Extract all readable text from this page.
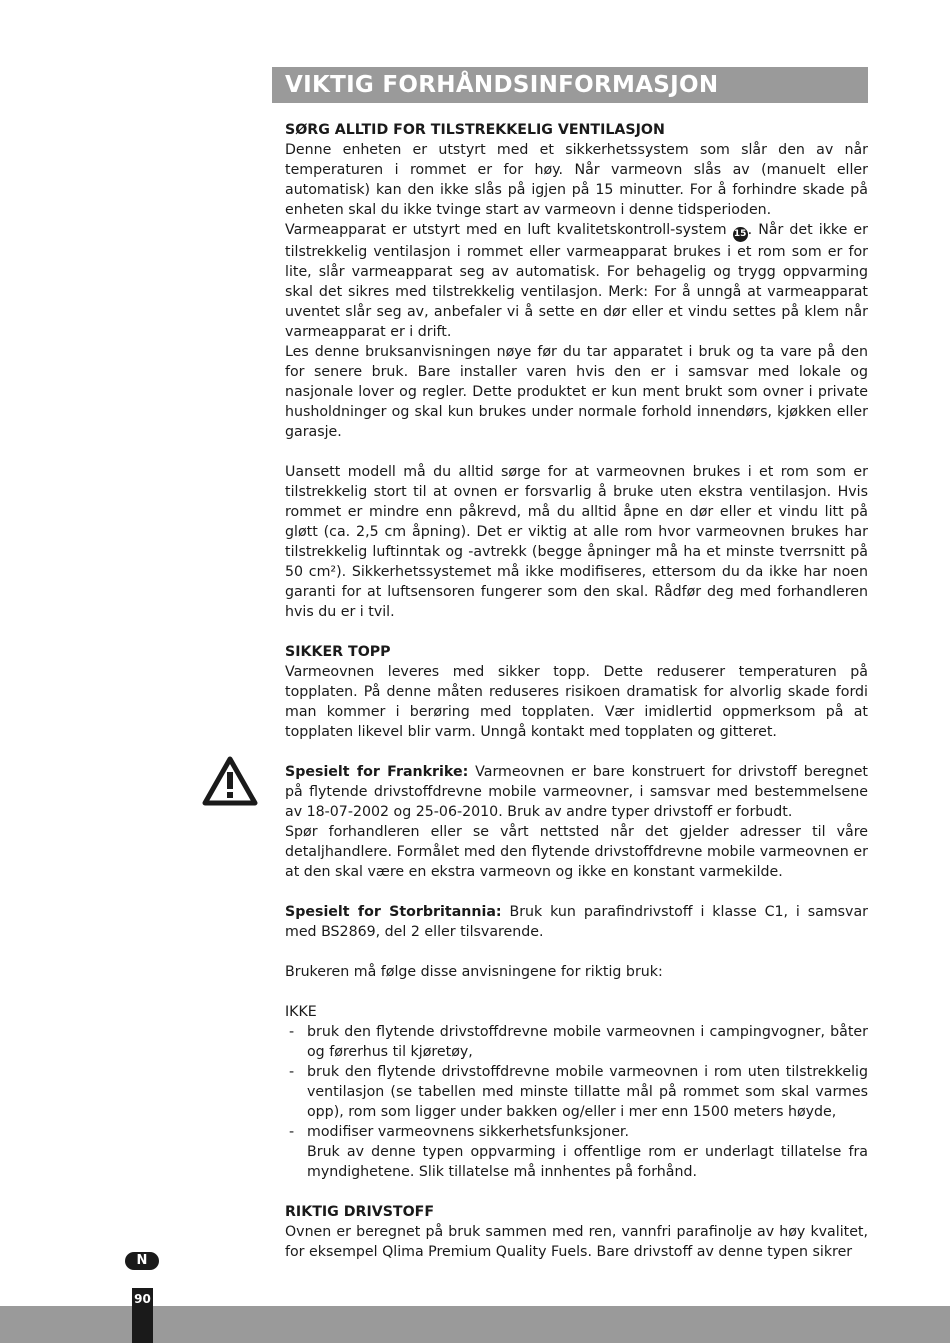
VIKTIG FORHÅNDSINFORMASJON

SØRG ALLTID FOR TILSTREKKELIG VENTILASJON

Denne enheten er utstyrt med et sikkerhetssystem som slår den av når temperaturen i rommet er for høy. Når varmeovn slås av (manuelt eller automatisk) kan den ikke slås på igjen på 15 minutter. For å forhindre skade på enheten skal du ikke tvinge start av varmeovn i denne tidsperioden.

Varmeapparat er utstyrt med en luft kvalitetskontroll-system 15. Når det ikke er tilstrekkelig ventilasjon i rommet eller varmeapparat brukes i et rom som er for lite, slår varmeapparat seg av automatisk. For behagelig og trygg oppvarming skal det sikres med tilstrekkelig ventilasjon. Merk: For å unngå at varmeapparat uventet slår seg av, anbefaler vi å sette en dør eller et vindu settes på klem når varmeapparat er i drift.

Les denne bruksanvisningen nøye før du tar apparatet i bruk og ta vare på den for senere bruk. Bare installer varen hvis den er i samsvar med lokale og nasjonale lover og regler. Dette produktet er kun ment brukt som ovner i private husholdninger og skal kun brukes under normale forhold innendørs, kjøkken eller garasje.

Uansett modell må du alltid sørge for at varmeovnen brukes i et rom som er tilstrekkelig stort til at ovnen er forsvarlig å bruke uten ekstra ventilasjon. Hvis rommet er mindre enn påkrevd, må du alltid åpne en dør eller et vindu litt på gløtt (ca. 2,5 cm åpning). Det er viktig at alle rom hvor varmeovnen brukes har tilstrekkelig luftinntak og -avtrekk (begge åpninger må ha et minste tverrsnitt på 50 cm²). Sikkerhetssystemet må ikke modifiseres, ettersom du da ikke har noen garanti for at luftsensoren fungerer som den skal. Rådfør deg med forhandleren hvis du er i tvil.

SIKKER TOPP

Varmeovnen leveres med sikker topp. Dette reduserer temperaturen på topplaten. På denne måten reduseres risikoen dramatisk for alvorlig skade fordi man kommer i berøring med topplaten. Vær imidlertid oppmerksom på at topplaten likevel blir varm. Unngå kontakt med topplaten og gitteret.

Spesielt for Frankrike: Varmeovnen er bare konstruert for drivstoff beregnet på flytende drivstoffdrevne mobile varmeovner, i samsvar med bestemmelsene av 18-07-2002 og 25-06-2010. Bruk av andre typer drivstoff er forbudt.

Spør forhandleren eller se vårt nettsted når det gjelder adresser til våre detaljhandlere. Formålet med den flytende drivstoffdrevne mobile varmeovnen er at den skal være en ekstra varmeovn og ikke en konstant varmekilde.

Spesielt for Storbritannia: Bruk kun parafindrivstoff i klasse C1, i samsvar med BS2869, del 2 eller tilsvarende.

Brukeren må følge disse anvisningene for riktig bruk:

IKKE

- bruk den flytende drivstoffdrevne mobile varmeovnen i campingvogner, båter og førerhus til kjøretøy,
- bruk den flytende drivstoffdrevne mobile varmeovnen i rom uten tilstrekkelig ventilasjon (se tabellen med minste tillatte mål på rommet som skal varmes opp), rom som ligger under bakken og/eller i mer enn 1500 meters høyde,
- modifiser varmeovnens sikkerhetsfunksjoner.

Bruk av denne typen oppvarming i offentlige rom er underlagt tillatelse fra myndighetene. Slik tillatelse må innhentes på forhånd.

RIKTIG DRIVSTOFF

Ovnen er beregnet på bruk sammen med ren, vannfri parafinolje av høy kvalitet, for eksempel Qlima Premium Quality Fuels. Bare drivstoff av denne typen sikrer

N
90
